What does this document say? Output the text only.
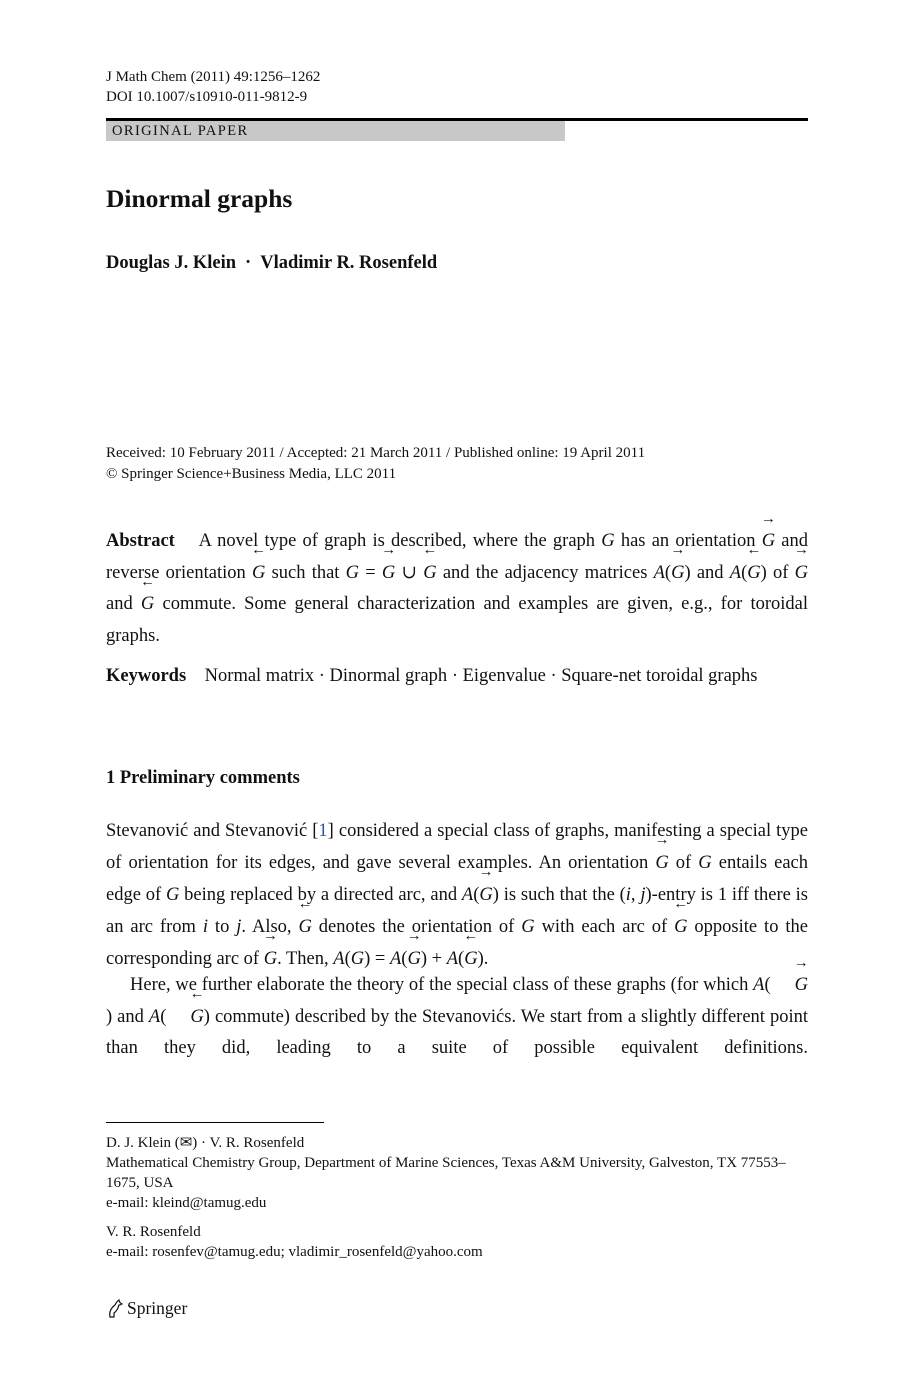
J Math Chem (2011) 49:1256–1262
DOI 10.1007/s10910-011-9812-9
ORIGINAL PAPER
Dinormal graphs
Douglas J. Klein · Vladimir R. Rosenfeld
Received: 10 February 2011 / Accepted: 21 March 2011 / Published online: 19 April 2011
© Springer Science+Business Media, LLC 2011
Abstract    A novel type of graph is described, where the graph G has an orientation → G and reverse orientation ← G such that G = → G ∪ ← G and the adjacency matrices A(→ G) and A(← G) of → G and ← G commute. Some general characterization and examples are given, e.g., for toroidal graphs.
Keywords Normal matrix · Dinormal graph · Eigenvalue · Square-net toroidal graphs
1 Preliminary comments
Stevanović and Stevanović [1] considered a special class of graphs, manifesting a special type of orientation for its edges, and gave several examples. An orientation → G of G entails each edge of G being replaced by a directed arc, and A(→ G) is such that the (i, j)-entry is 1 iff there is an arc from i to j. Also, ← G denotes the orientation of G with each arc of ← G opposite to the corresponding arc of → G. Then, A(G) = A(→ G) + A(← G).
Here, we further elaborate the theory of the special class of these graphs (for which A( → G) and A( ← G) commute) described by the Stevanovićs. We start from a slightly different point than they did, leading to a suite of possible equivalent definitions.
D. J. Klein (✉) · V. R. Rosenfeld
Mathematical Chemistry Group, Department of Marine Sciences, Texas A&M University, Galveston, TX 77553–1675, USA
e-mail: kleind@tamug.edu
V. R. Rosenfeld
e-mail: rosenfev@tamug.edu; vladimir_rosenfeld@yahoo.com
Springer
